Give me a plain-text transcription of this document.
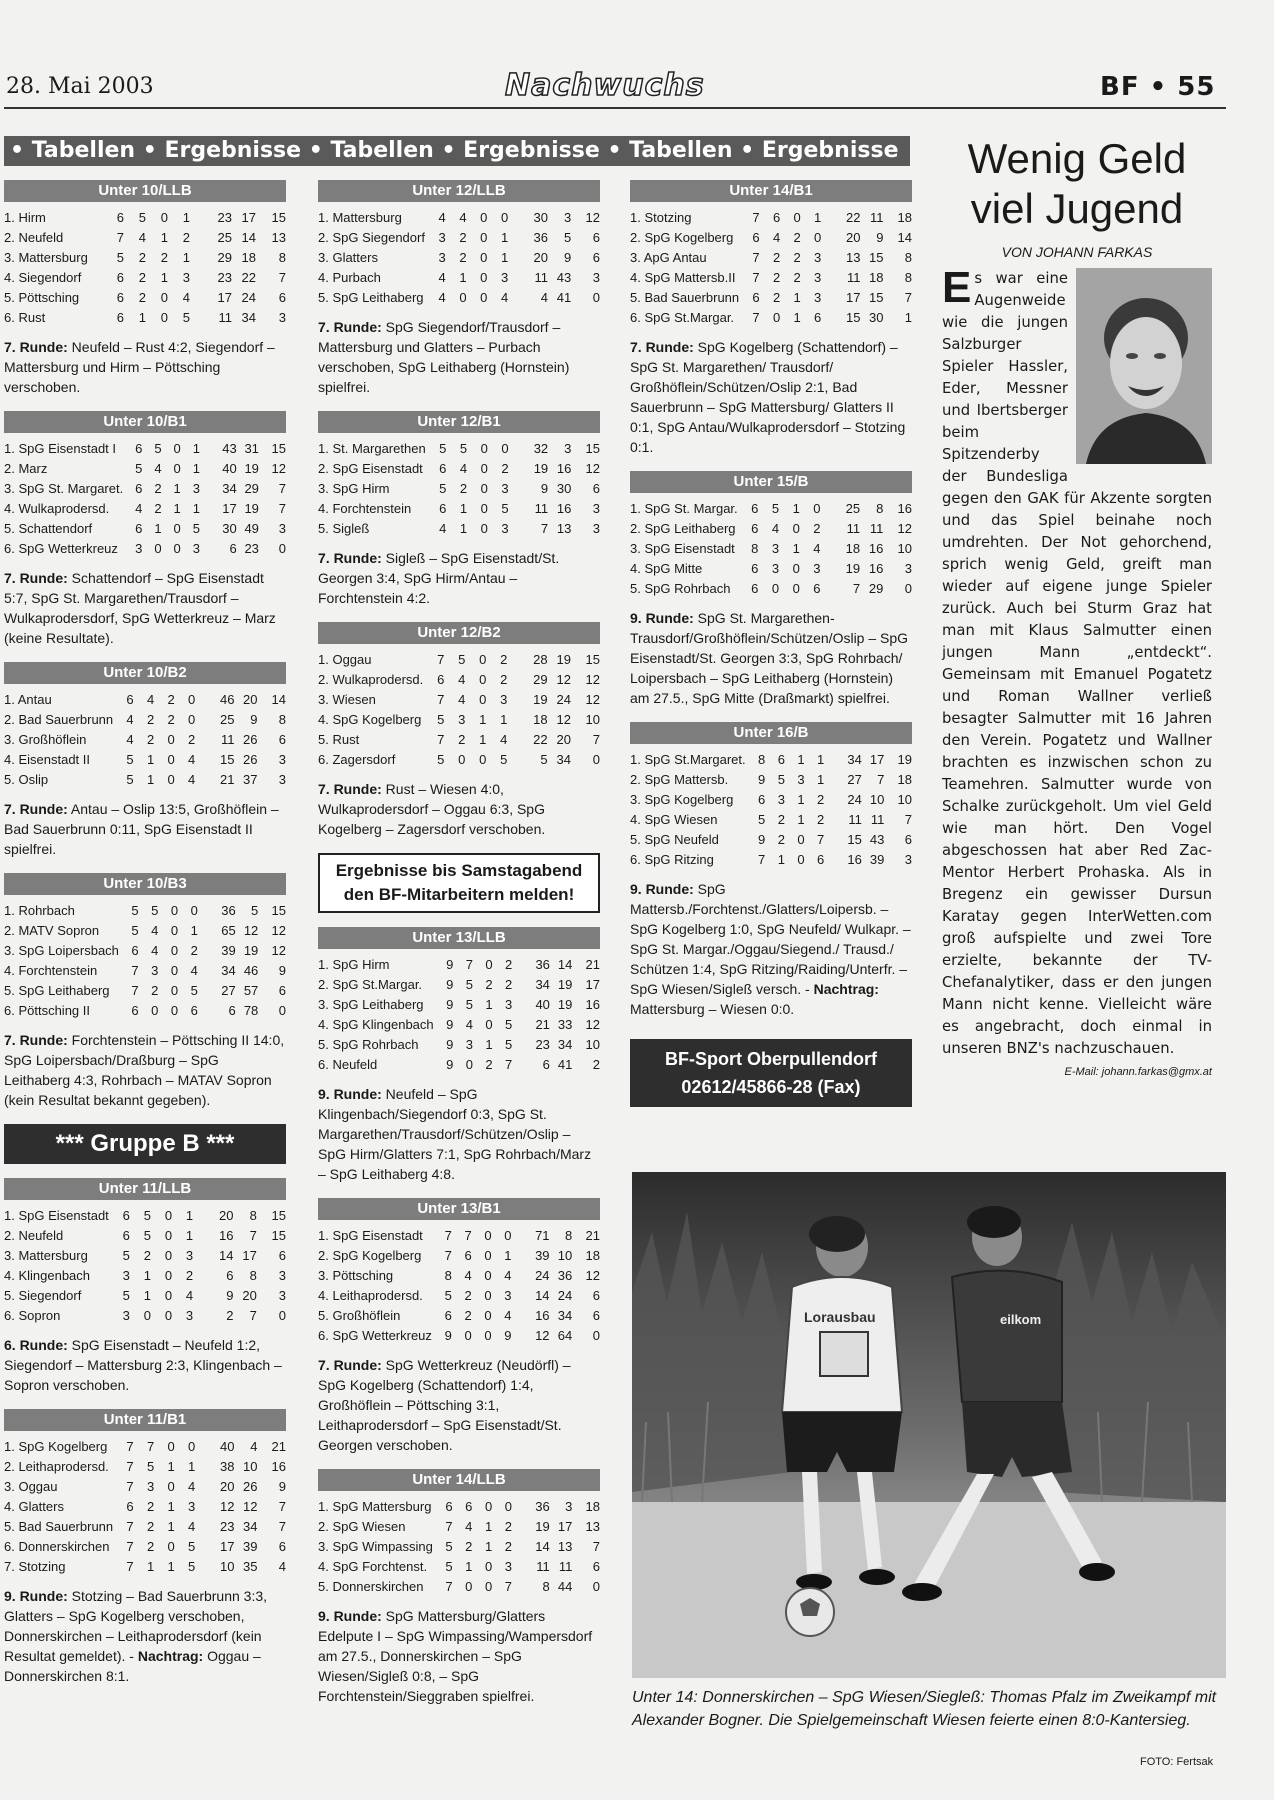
28. Mai 2003	Nachwuchs	BF • 55
• Tabellen • Ergebnisse • Tabellen • Ergebnisse • Tabellen • Ergebnisse
Unter 10/LLB
1. Hirm	6	5	0	1	23	17	15
2. Neufeld	7	4	1	2	25	14	13
3. Mattersburg	5	2	2	1	29	18	8
4. Siegendorf	6	2	1	3	23	22	7
5. Pöttsching	6	2	0	4	17	24	6
6. Rust	6	1	0	5	11	34	3
7. Runde: Neufeld – Rust 4:2, Siegendorf – Mattersburg und Hirm – Pöttsching verschoben.
Unter 10/B1
1. SpG Eisenstadt I	6	5	0	1	43	31	15
2. Marz	5	4	0	1	40	19	12
3. SpG St. Margaret.	6	2	1	3	34	29	7
4. Wulkaprodersd.	4	2	1	1	17	19	7
5. Schattendorf	6	1	0	5	30	49	3
6. SpG Wetterkreuz	3	0	0	3	6	23	0
7. Runde: Schattendorf – SpG Eisenstadt 5:7, SpG St. Margarethen/Trausdorf – Wulkaprodersdorf, SpG Wetterkreuz – Marz (keine Resultate).
Unter 10/B2
1. Antau	6	4	2	0	46	20	14
2. Bad Sauerbrunn	4	2	2	0	25	9	8
3. Großhöflein	4	2	0	2	11	26	6
4. Eisenstadt II	5	1	0	4	15	26	3
5. Oslip	5	1	0	4	21	37	3
7. Runde: Antau – Oslip 13:5, Großhöflein – Bad Sauerbrunn 0:11, SpG Eisenstadt II spielfrei.
Unter 10/B3
1. Rohrbach	5	5	0	0	36	5	15
2. MATV Sopron	5	4	0	1	65	12	12
3. SpG Loipersbach	6	4	0	2	39	19	12
4. Forchtenstein	7	3	0	4	34	46	9
5. SpG Leithaberg	7	2	0	5	27	57	6
6. Pöttsching II	6	0	0	6	6	78	0
7. Runde: Forchtenstein – Pöttsching II 14:0, SpG Loipersbach/Draßburg – SpG Leithaberg 4:3, Rohrbach – MATAV Sopron (kein Resultat bekannt gegeben).
*** Gruppe B ***
Unter 11/LLB
1. SpG Eisenstadt	6	5	0	1	20	8	15
2. Neufeld	6	5	0	1	16	7	15
3. Mattersburg	5	2	0	3	14	17	6
4. Klingenbach	3	1	0	2	6	8	3
5. Siegendorf	5	1	0	4	9	20	3
6. Sopron	3	0	0	3	2	7	0
6. Runde: SpG Eisenstadt – Neufeld 1:2, Siegendorf – Mattersburg 2:3, Klingenbach – Sopron verschoben.
Unter 11/B1
1. SpG Kogelberg	7	7	0	0	40	4	21
2. Leithaprodersd.	7	5	1	1	38	10	16
3. Oggau	7	3	0	4	20	26	9
4. Glatters	6	2	1	3	12	12	7
5. Bad Sauerbrunn	7	2	1	4	23	34	7
6. Donnerskirchen	7	2	0	5	17	39	6
7. Stotzing	7	1	1	5	10	35	4
9. Runde: Stotzing – Bad Sauerbrunn 3:3, Glatters – SpG Kogelberg verschoben, Donnerskirchen – Leithaprodersdorf (kein Resultat gemeldet). - Nachtrag: Oggau – Donnerskirchen 8:1.
Unter 12/LLB
1. Mattersburg	4	4	0	0	30	3	12
2. SpG Siegendorf	3	2	0	1	36	5	6
3. Glatters	3	2	0	1	20	9	6
4. Purbach	4	1	0	3	11	43	3
5. SpG Leithaberg	4	0	0	4	4	41	0
7. Runde: SpG Siegendorf/Trausdorf – Mattersburg und Glatters – Purbach verschoben, SpG Leithaberg (Hornstein) spielfrei.
Unter 12/B1
1. St. Margarethen	5	5	0	0	32	3	15
2. SpG Eisenstadt	6	4	0	2	19	16	12
3. SpG Hirm	5	2	0	3	9	30	6
4. Forchtenstein	6	1	0	5	11	16	3
5. Sigleß	4	1	0	3	7	13	3
7. Runde: Sigleß – SpG Eisenstadt/St. Georgen 3:4, SpG Hirm/Antau – Forchtenstein 4:2.
Unter 12/B2
1. Oggau	7	5	0	2	28	19	15
2. Wulkaprodersd.	6	4	0	2	29	12	12
3. Wiesen	7	4	0	3	19	24	12
4. SpG Kogelberg	5	3	1	1	18	12	10
5. Rust	7	2	1	4	22	20	7
6. Zagersdorf	5	0	0	5	5	34	0
7. Runde: Rust – Wiesen 4:0, Wulkaprodersdorf – Oggau 6:3, SpG Kogelberg – Zagersdorf verschoben.
Ergebnisse bis Samstagabend
den BF-Mitarbeitern melden!
Unter 13/LLB
1. SpG Hirm	9	7	0	2	36	14	21
2. SpG St.Margar.	9	5	2	2	34	19	17
3. SpG Leithaberg	9	5	1	3	40	19	16
4. SpG Klingenbach	9	4	0	5	21	33	12
5. SpG Rohrbach	9	3	1	5	23	34	10
6. Neufeld	9	0	2	7	6	41	2
9. Runde: Neufeld – SpG Klingenbach/Siegendorf 0:3, SpG St. Margarethen/Trausdorf/Schützen/Oslip – SpG Hirm/Glatters 7:1, SpG Rohrbach/Marz – SpG Leithaberg 4:8.
Unter 13/B1
1. SpG Eisenstadt	7	7	0	0	71	8	21
2. SpG Kogelberg	7	6	0	1	39	10	18
3. Pöttsching	8	4	0	4	24	36	12
4. Leithaprodersd.	5	2	0	3	14	24	6
5. Großhöflein	6	2	0	4	16	34	6
6. SpG Wetterkreuz	9	0	0	9	12	64	0
7. Runde: SpG Wetterkreuz (Neudörfl) – SpG Kogelberg (Schattendorf) 1:4, Großhöflein – Pöttsching 3:1, Leithaprodersdorf – SpG Eisenstadt/St. Georgen verschoben.
Unter 14/LLB
1. SpG Mattersburg	6	6	0	0	36	3	18
2. SpG Wiesen	7	4	1	2	19	17	13
3. SpG Wimpassing	5	2	1	2	14	13	7
4. SpG Forchtenst.	5	1	0	3	11	11	6
5. Donnerskirchen	7	0	0	7	8	44	0
9. Runde: SpG Mattersburg/Glatters Edelpute I – SpG Wimpassing/Wampersdorf am 27.5., Donnerskirchen – SpG Wiesen/Sigleß 0:8, – SpG Forchtenstein/Sieggraben spielfrei.
Unter 14/B1
1. Stotzing	7	6	0	1	22	11	18
2. SpG Kogelberg	6	4	2	0	20	9	14
3. ApG Antau	7	2	2	3	13	15	8
4. SpG Mattersb.II	7	2	2	3	11	18	8
5. Bad Sauerbrunn	6	2	1	3	17	15	7
6. SpG St.Margar.	7	0	1	6	15	30	1
7. Runde: SpG Kogelberg (Schattendorf) – SpG St. Margarethen/ Trausdorf/ Großhöflein/Schützen/Oslip 2:1, Bad Sauerbrunn – SpG Mattersburg/ Glatters II 0:1, SpG Antau/Wulkaprodersdorf – Stotzing 0:1.
Unter 15/B
1. SpG St. Margar.	6	5	1	0	25	8	16
2. SpG Leithaberg	6	4	0	2	11	11	12
3. SpG Eisenstadt	8	3	1	4	18	16	10
4. SpG Mitte	6	3	0	3	19	16	3
5. SpG Rohrbach	6	0	0	6	7	29	0
9. Runde: SpG St. Margarethen-Trausdorf/Großhöflein/Schützen/Oslip – SpG Eisenstadt/St. Georgen 3:3, SpG Rohrbach/ Loipersbach – SpG Leithaberg (Hornstein) am 27.5., SpG Mitte (Draßmarkt) spielfrei.
Unter 16/B
1. SpG St.Margaret.	8	6	1	1	34	17	19
2. SpG Mattersb.	9	5	3	1	27	7	18
3. SpG Kogelberg	6	3	1	2	24	10	10
4. SpG Wiesen	5	2	1	2	11	11	7
5. SpG Neufeld	9	2	0	7	15	43	6
6. SpG Ritzing	7	1	0	6	16	39	3
9. Runde: SpG Mattersb./Forchtenst./Glatters/Loipersb. – SpG Kogelberg 1:0, SpG Neufeld/ Wulkapr. – SpG St. Margar./Oggau/Siegend./ Trausd./ Schützen 1:4, SpG Ritzing/Raiding/Unterfr. – SpG Wiesen/Sigleß versch. - Nachtrag: Mattersburg – Wiesen 0:0.
BF-Sport Oberpullendorf
02612/45866-28 (Fax)
Wenig Geld
viel Jugend
VON JOHANN FARKAS
Es war eine Augenweide wie die jungen Salzburger Spieler Hassler, Eder, Messner und Ibertsberger beim Spitzenderby der Bundesliga gegen den GAK für Akzente sorgten und das Spiel beinahe noch umdrehten. Der Not gehorchend, sprich wenig Geld, greift man wieder auf eigene junge Spieler zurück. Auch bei Sturm Graz hat man mit Klaus Salmutter einen jungen Mann „entdeckt“. Gemeinsam mit Emanuel Pogatetz und Roman Wallner verließ besagter Salmutter mit 16 Jahren den Verein. Pogatetz und Wallner brachten es inzwischen schon zu Teamehren. Salmutter wurde von Schalke zurückgeholt. Um viel Geld wie man hört. Den Vogel abgeschossen hat aber Red Zac-Mentor Herbert Prohaska. Als in Bregenz ein gewisser Dursun Karatay gegen InterWetten.com groß aufspielte und zwei Tore erzielte, bekannte der TV-Chefanalytiker, dass er den jungen Mann nicht kenne. Vielleicht wäre es angebracht, doch einmal in unseren BNZ's nachzuschauen.
E-Mail: johann.farkas@gmx.at
Lorausbau	eilkom
Unter 14: Donnerskirchen – SpG Wiesen/Siegleß: Thomas Pfalz im Zweikampf mit Alexander Bogner. Die Spielgemeinschaft Wiesen feierte einen 8:0-Kantersieg.
FOTO: Fertsak
